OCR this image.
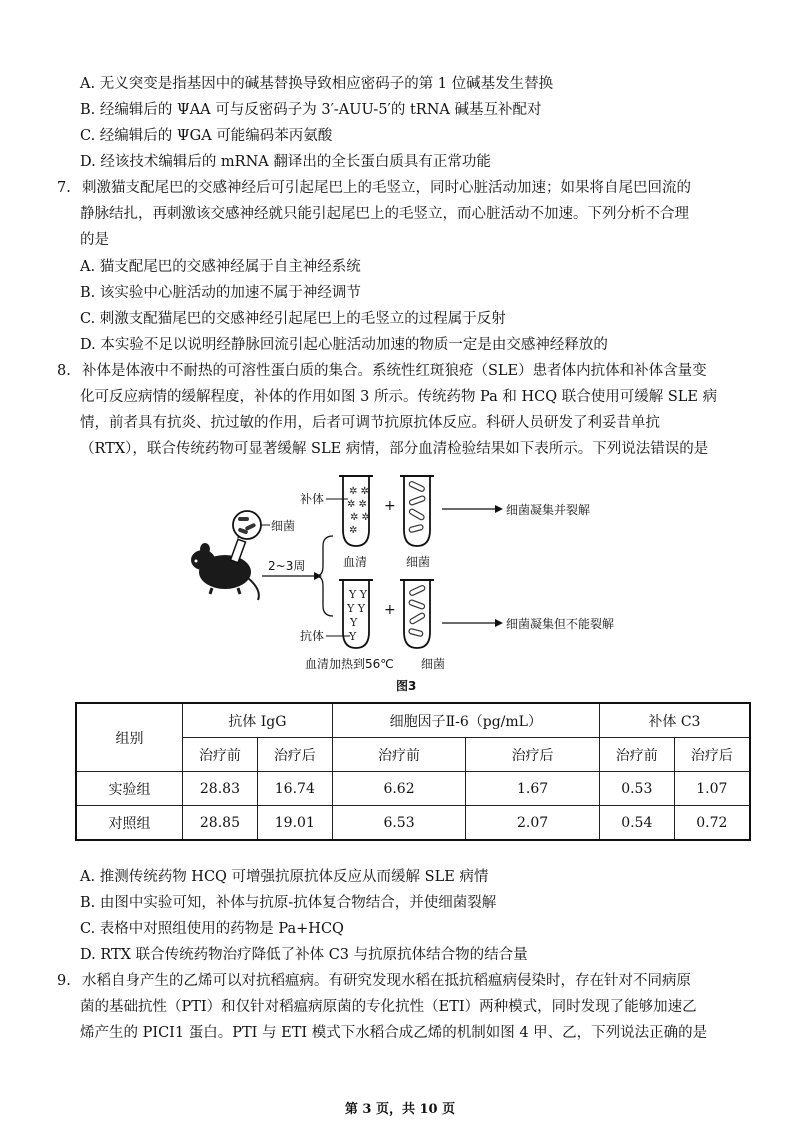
A. 无义突变是指基因中的碱基替换导致相应密码子的第 1 位碱基发生替换
B. 经编辑后的 ΨAA 可与反密码子为 3′-AUU-5′的 tRNA 碱基互补配对
C. 经编辑后的 ΨGA 可能编码苯丙氨酸
D. 经该技术编辑后的 mRNA 翻译出的全长蛋白质具有正常功能
7. 刺激猫支配尾巴的交感神经后可引起尾巴上的毛竖立，同时心脏活动加速；如果将自尾巴回流的
静脉结扎，再刺激该交感神经就只能引起尾巴上的毛竖立，而心脏活动不加速。下列分析不合理
的是
A. 猫支配尾巴的交感神经属于自主神经系统
B. 该实验中心脏活动的加速不属于神经调节
C. 刺激支配猫尾巴的交感神经引起尾巴上的毛竖立的过程属于反射
D. 本实验不足以说明经静脉回流引起心脏活动加速的物质一定是由交感神经释放的
8. 补体是体液中不耐热的可溶性蛋白质的集合。系统性红斑狼疮（SLE）患者体内抗体和补体含量变
化可反应病情的缓解程度，补体的作用如图 3 所示。传统药物 Pa 和 HCQ 联合使用可缓解 SLE 病
情，前者具有抗炎、抗过敏的作用，后者可调节抗原抗体反应。科研人员研发了利妥昔单抗
（RTX），联合传统药物可显著缓解 SLE 病情，部分血清检验结果如下表所示。下列说法错误的是
细菌
2~3周
✲ ✲
✲ ✲
✲ ✲
✲
补体
血清
+
细菌
细菌凝集并裂解
Y Y
Y Y
Y
Y
抗体
血清加热到56℃
+
细菌
细菌凝集但不能裂解
图3
组别	抗体 IgG		细胞因子Ⅱ-6（pg/mL）		补体 C3	
	治疗前	治疗后	治疗前	治疗后	治疗前	治疗后
实验组	28.83	16.74	6.62	1.67	0.53	1.07
对照组	28.85	19.01	6.53	2.07	0.54	0.72
A. 推测传统药物 HCQ 可增强抗原抗体反应从而缓解 SLE 病情
B. 由图中实验可知，补体与抗原-抗体复合物结合，并使细菌裂解
C. 表格中对照组使用的药物是 Pa+HCQ
D. RTX 联合传统药物治疗降低了补体 C3 与抗原抗体结合物的结合量
9. 水稻自身产生的乙烯可以对抗稻瘟病。有研究发现水稻在抵抗稻瘟病侵染时，存在针对不同病原
菌的基础抗性（PTI）和仅针对稻瘟病原菌的专化抗性（ETI）两种模式，同时发现了能够加速乙
烯产生的 PICI1 蛋白。PTI 与 ETI 模式下水稻合成乙烯的机制如图 4 甲、乙，下列说法正确的是
第 3 页，共 10 页
